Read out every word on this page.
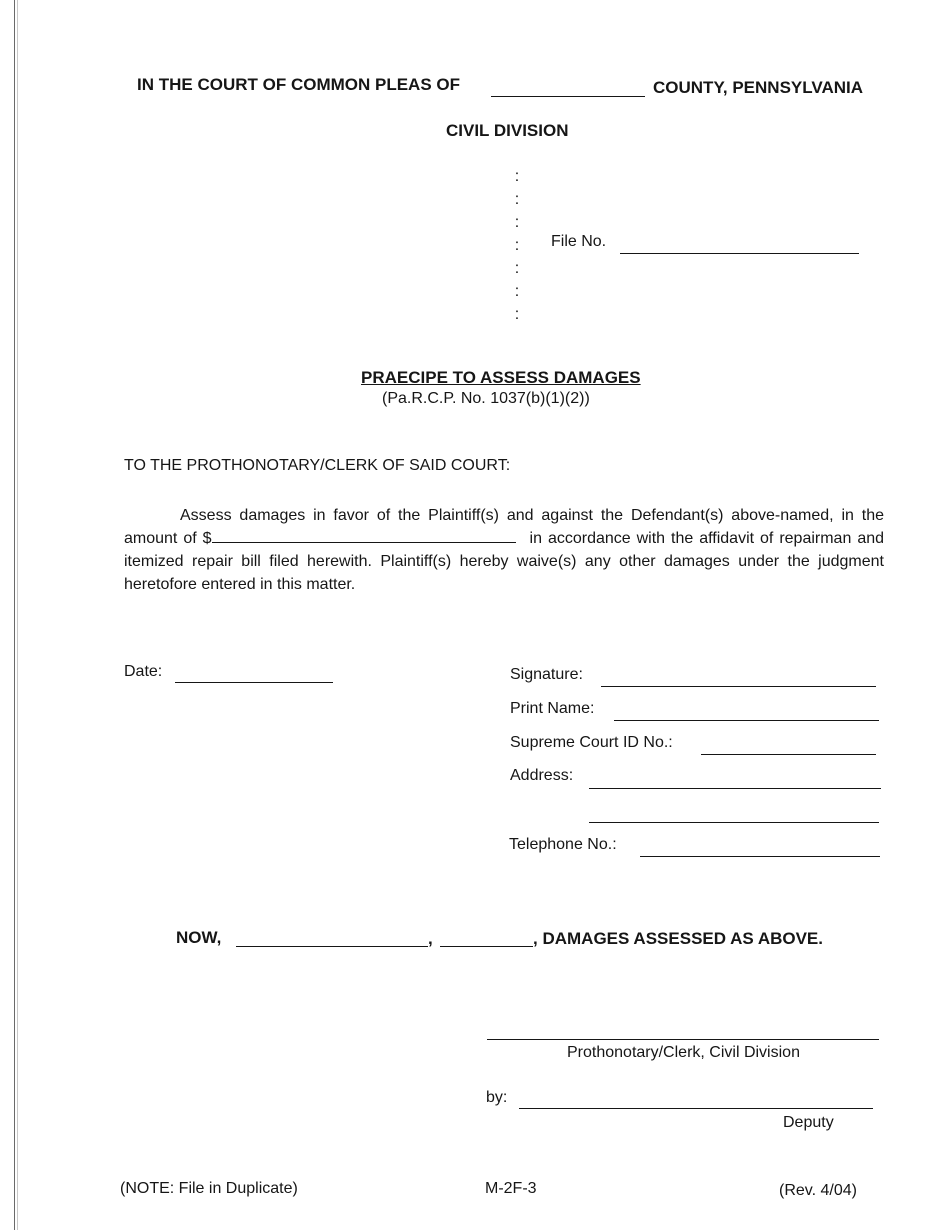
IN THE COURT OF COMMON PLEAS OF	COUNTY, PENNSYLVANIA
CIVIL DIVISION
:
:
:
:
:
:
:
File No.
PRAECIPE TO ASSESS DAMAGES
(Pa.R.C.P. No. 1037(b)(1)(2))
TO THE PROTHONOTARY/CLERK OF SAID COURT:

Assess damages in favor of the Plaintiff(s) and against the Defendant(s) above-named, in the amount of $	in accordance with the affidavit of repairman and itemized repair bill filed herewith. Plaintiff(s) hereby waive(s) any other damages under the judgment heretofore entered in this matter.

Date:	Signature:
Print Name:
Supreme Court ID No.:
Address:
Telephone No.:
NOW,	,	, DAMAGES ASSESSED AS ABOVE.
Prothonotary/Clerk, Civil Division
by:
Deputy
(NOTE: File in Duplicate)	M-2F-3	(Rev. 4/04)
